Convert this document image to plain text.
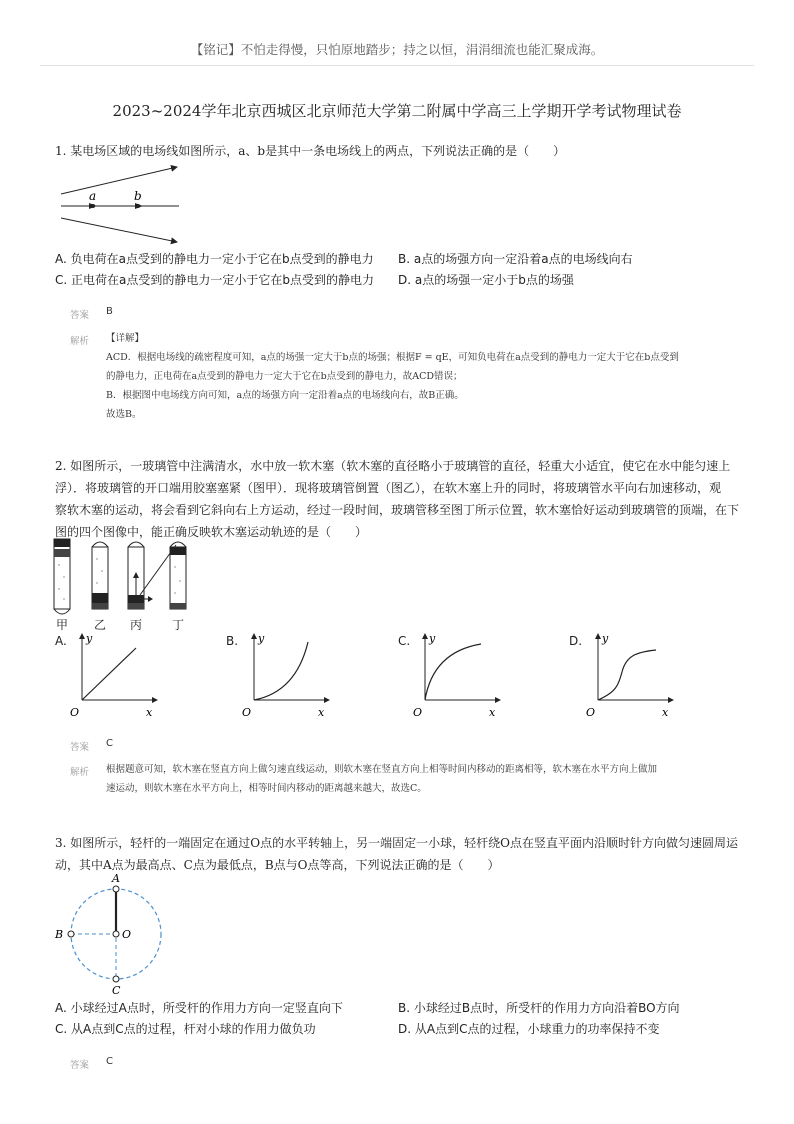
【铭记】不怕走得慢，只怕原地踏步；持之以恒，涓涓细流也能汇聚成海。
2023~2024学年北京西城区北京师范大学第二附属中学高三上学期开学考试物理试卷
1. 某电场区域的电场线如图所示，a、b是其中一条电场线上的两点，下列说法正确的是（　　）
a	b
A. 负电荷在a点受到的静电力一定小于它在b点受到的静电力 B. a点的场强方向一定沿着a点的电场线向右
C. 正电荷在a点受到的静电力一定小于它在b点受到的静电力 D. a点的场强一定小于b点的场强
答案 B
解析 【详解】
ACD．根据电场线的疏密程度可知，a点的场强一定大于b点的场强；根据F = qE，可知负电荷在a点受到的静电力一定大于它在b点受到
的静电力，正电荷在a点受到的静电力一定大于它在b点受到的静电力，故ACD错误；
B．根据图中电场线方向可知，a点的场强方向一定沿着a点的电场线向右，故B正确。
故选B。
2. 如图所示，一玻璃管中注满清水，水中放一软木塞（软木塞的直径略小于玻璃管的直径，轻重大小适宜，使它在水中能匀速上
浮）．将玻璃管的开口端用胶塞塞紧（图甲）．现将玻璃管倒置（图乙），在软木塞上升的同时，将玻璃管水平向右加速移动，观
察软木塞的运动，将会看到它斜向右上方运动，经过一段时间，玻璃管移至图丁所示位置，软木塞恰好运动到玻璃管的顶端，在下
图的四个图像中，能正确反映软木塞运动轨迹的是（　　）
甲 乙 丙 丁
A. y
O	x
B. y
O	x
C. y
O	x
D. y
O	x
答案 C
解析 根据题意可知，软木塞在竖直方向上做匀速直线运动，则软木塞在竖直方向上相等时间内移动的距离相等，软木塞在水平方向上做加
速运动，则软木塞在水平方向上，相等时间内移动的距离越来越大，故选C。
3. 如图所示，轻杆的一端固定在通过O点的水平转轴上，另一端固定一小球，轻杆绕O点在竖直平面内沿顺时针方向做匀速圆周运
动，其中A点为最高点、C点为最低点，B点与O点等高，下列说法正确的是（　　）
A
B	O
C
A. 小球经过A点时，所受杆的作用力方向一定竖直向下	B. 小球经过B点时，所受杆的作用力方向沿着BO方向
C. 从A点到C点的过程，杆对小球的作用力做负功	D. 从A点到C点的过程，小球重力的功率保持不变
答案 C
